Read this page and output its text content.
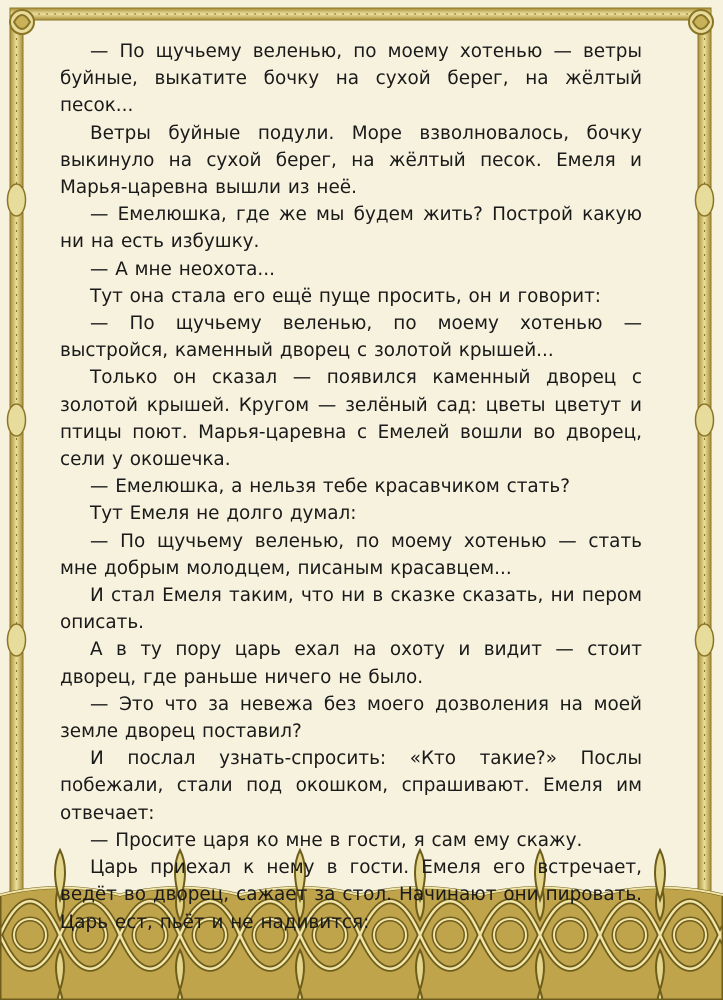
— По щучьему веленью, по моему хотенью — ветры буйные, выкатите бочку на сухой берег, на жёлтый песок...

Ветры буйные подули. Море взволновалось, бочку выкинуло на сухой берег, на жёлтый песок. Емеля и Марья-царевна вышли из неё.

— Емелюшка, где же мы будем жить? Построй какую ни на есть избушку.

— А мне неохота...

Тут она стала его ещё пуще просить, он и говорит:

— По щучьему веленью, по моему хотенью — выстройся, каменный дворец с золотой крышей...

Только он сказал — появился каменный дворец с золотой крышей. Кругом — зелёный сад: цветы цветут и птицы поют. Марья-царевна с Емелей вошли во дворец, сели у окошечка.

— Емелюшка, а нельзя тебе красавчиком стать?

Тут Емеля не долго думал:

— По щучьему веленью, по моему хотенью — стать мне добрым молодцем, писаным красавцем...

И стал Емеля таким, что ни в сказке сказать, ни пером описать.

А в ту пору царь ехал на охоту и видит — стоит дворец, где раньше ничего не было.

— Это что за невежа без моего дозволения на моей земле дворец поставил?

И послал узнать-спросить: «Кто такие?» Послы побежали, стали под окошком, спрашивают. Емеля им отвечает:

— Просите царя ко мне в гости, я сам ему скажу.

Царь приехал к нему в гости. Емеля его встречает, ведёт во дворец, сажает за стол. Начинают они пировать. Царь ест, пьёт и не надивится:
